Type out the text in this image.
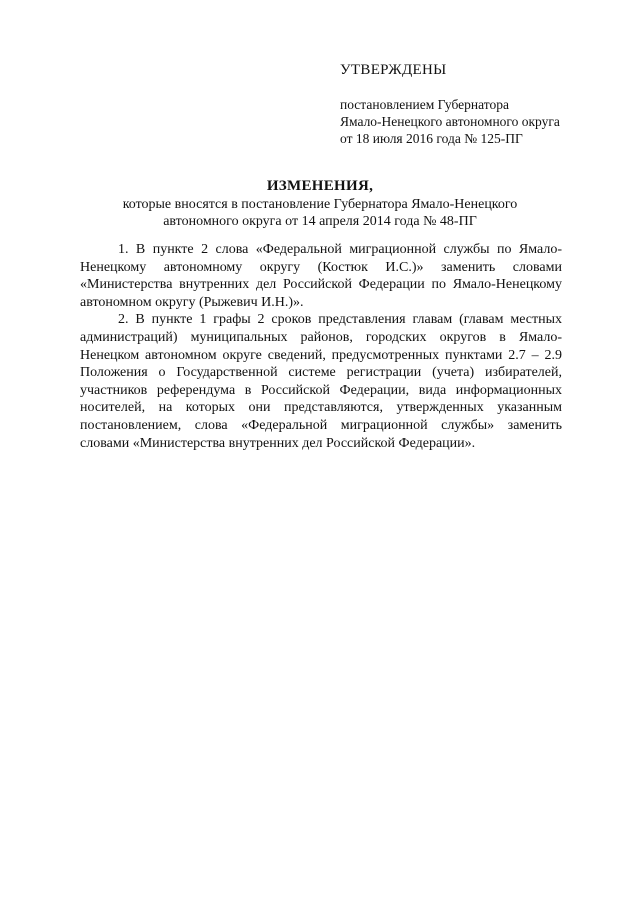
УТВЕРЖДЕНЫ
постановлением Губернатора
Ямало-Ненецкого автономного округа
от 18 июля 2016 года № 125-ПГ
ИЗМЕНЕНИЯ,
которые вносятся в постановление Губернатора Ямало-Ненецкого
автономного округа от 14 апреля 2014 года № 48-ПГ

1. В пункте 2 слова «Федеральной миграционной службы по Ямало-Ненецкому автономному округу (Костюк И.С.)» заменить словами «Министерства внутренних дел Российской Федерации по Ямало-Ненецкому автономном округу (Рыжевич И.Н.)».

2. В пункте 1 графы 2 сроков представления главам (главам местных администраций) муниципальных районов, городских округов в Ямало-Ненецком автономном округе сведений, предусмотренных пунктами 2.7 – 2.9 Положения о Государственной системе регистрации (учета) избирателей, участников референдума в Российской Федерации, вида информационных носителей, на которых они представляются, утвержденных указанным постановлением, слова «Федеральной миграционной службы» заменить словами «Министерства внутренних дел Российской Федерации».
